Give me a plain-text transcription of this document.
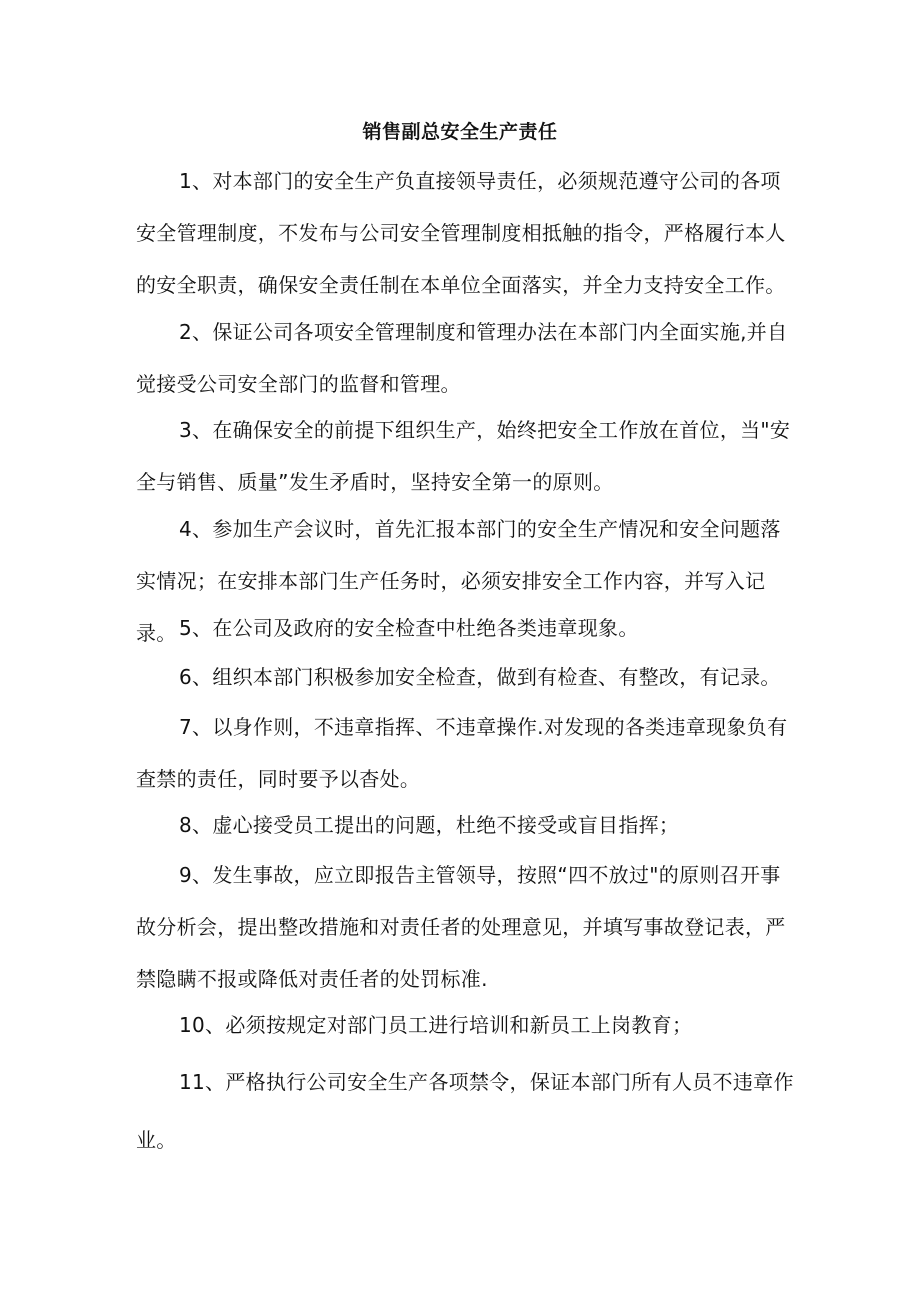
销售副总安全生产责任

1、对本部门的安全生产负直接领导责任，必须规范遵守公司的各项安全管理制度，不发布与公司安全管理制度相抵触的指令，严格履行本人的安全职责，确保安全责任制在本单位全面落实，并全力支持安全工作。

2、保证公司各项安全管理制度和管理办法在本部门内全面实施,并自觉接受公司安全部门的监督和管理。

3、在确保安全的前提下组织生产，始终把安全工作放在首位，当"安全与销售、质量”发生矛盾时，坚持安全第一的原则。

4、参加生产会议时，首先汇报本部门的安全生产情况和安全问题落实情况；在安排本部门生产任务时，必须安排安全工作内容，并写入记录。 5、在公司及政府的安全检查中杜绝各类违章现象。

6、组织本部门积极参加安全检查，做到有检查、有整改，有记录。

7、以身作则，不违章指挥、不违章操作.对发现的各类违章现象负有查禁的责任，同时要予以杳处。

8、虚心接受员工提出的问题，杜绝不接受或盲目指挥；

9、发生事故，应立即报告主管领导，按照“四不放过"的原则召开事故分析会，提出整改措施和对责任者的处理意见，并填写事故登记表，严禁隐瞒不报或降低对责任者的处罚标准.

10、必须按规定对部门员工进行培训和新员工上岗教育；

11、严格执行公司安全生产各项禁令，保证本部门所有人员不违章作业。
